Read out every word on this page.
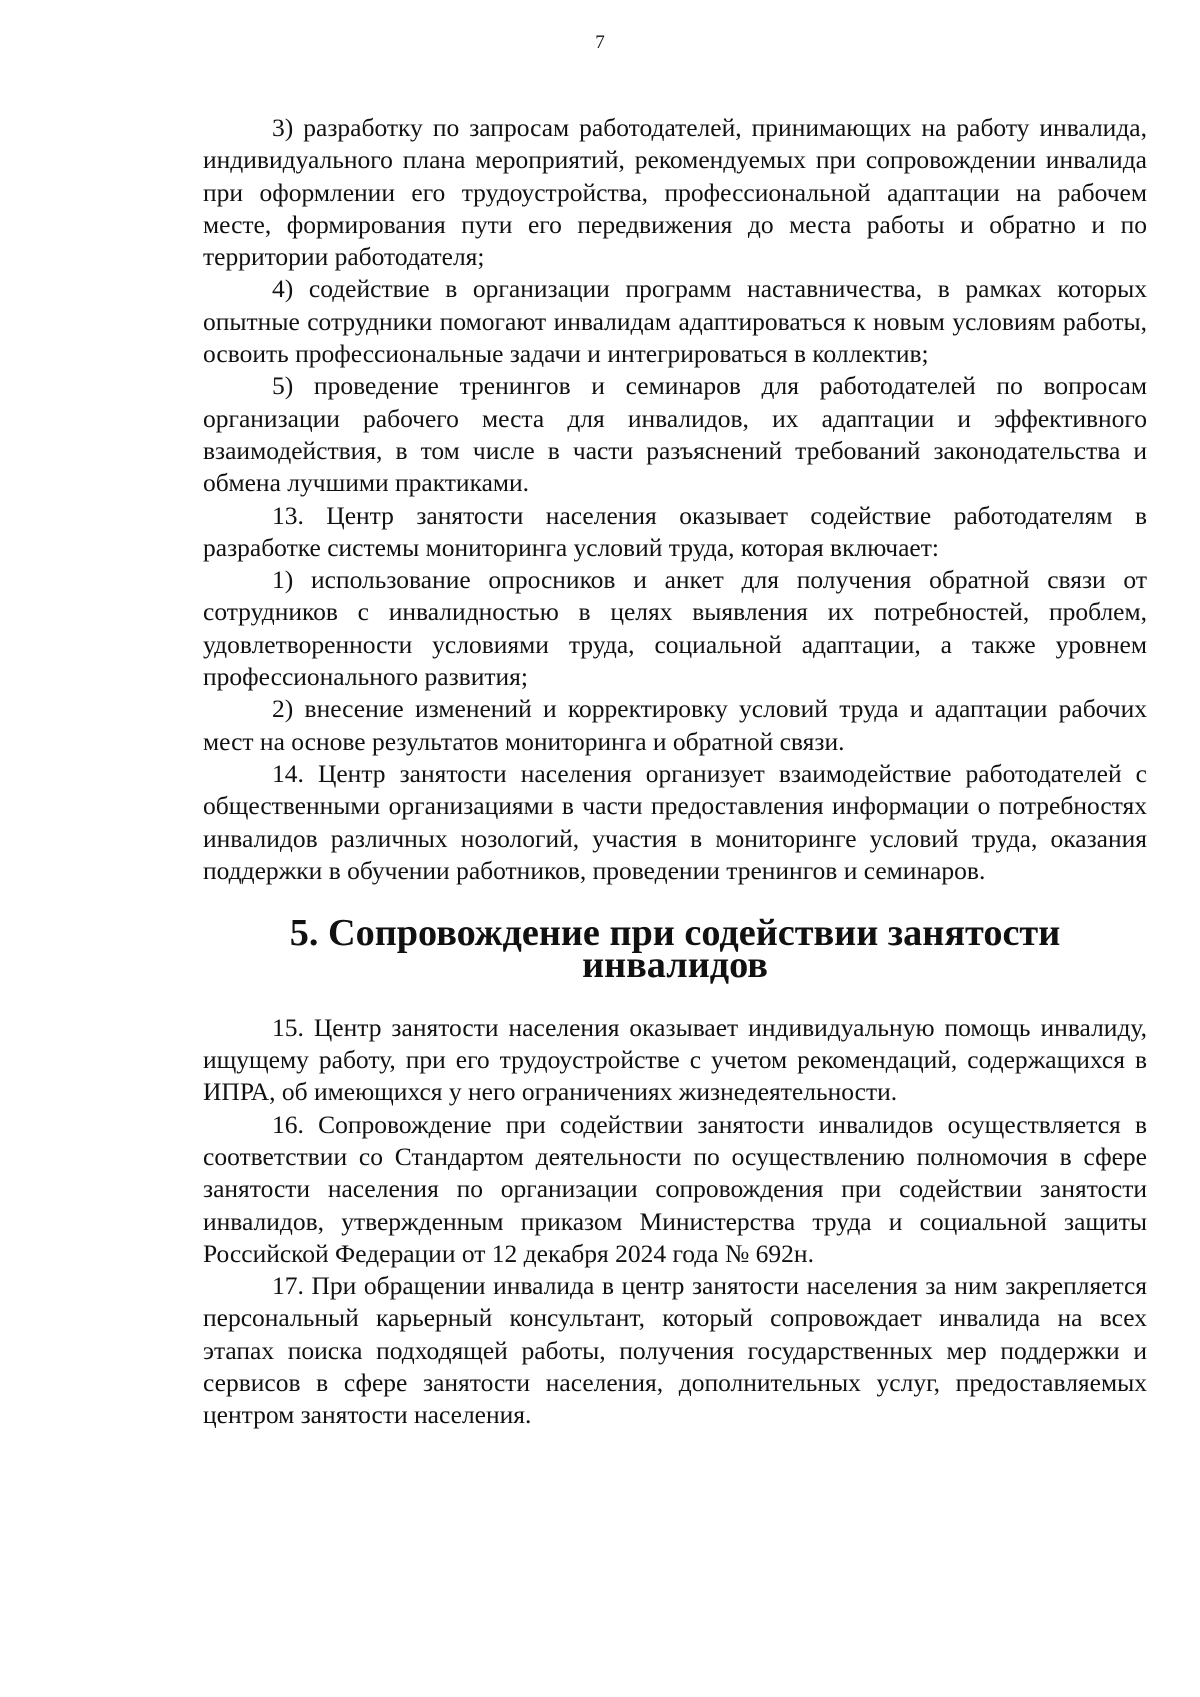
7

3) разработку по запросам работодателей, принимающих на работу инвалида, индивидуального плана мероприятий, рекомендуемых при сопровождении инвалида при оформлении его трудоустройства, профессиональной адаптации на рабочем месте, формирования пути его передвижения до места работы и обратно и по территории работодателя;

4) содействие в организации программ наставничества, в рамках которых опытные сотрудники помогают инвалидам адаптироваться к новым условиям работы, освоить профессиональные задачи и интегрироваться в коллектив;

5) проведение тренингов и семинаров для работодателей по вопросам организации рабочего места для инвалидов, их адаптации и эффективного взаимодействия, в том числе в части разъяснений требований законодательства и обмена лучшими практиками.

13. Центр занятости населения оказывает содействие работодателям в разработке системы мониторинга условий труда, которая включает:

1) использование опросников и анкет для получения обратной связи от сотрудников с инвалидностью в целях выявления их потребностей, проблем, удовлетворенности условиями труда, социальной адаптации, а также уровнем профессионального развития;

2) внесение изменений и корректировку условий труда и адаптации рабочих мест на основе результатов мониторинга и обратной связи.

14. Центр занятости населения организует взаимодействие работодателей с общественными организациями в части предоставления информации о потребностях инвалидов различных нозологий, участия в мониторинге условий труда, оказания поддержки в обучении работников, проведении тренингов и семинаров.

5. Сопровождение при содействии занятости инвалидов

15. Центр занятости населения оказывает индивидуальную помощь инвалиду, ищущему работу, при его трудоустройстве с учетом рекомендаций, содержащихся в ИПРА, об имеющихся у него ограничениях жизнедеятельности.

16. Сопровождение при содействии занятости инвалидов осуществляется в соответствии со Стандартом деятельности по осуществлению полномочия в сфере занятости населения по организации сопровождения при содействии занятости инвалидов, утвержденным приказом Министерства труда и социальной защиты Российской Федерации от 12 декабря 2024 года № 692н.

17. При обращении инвалида в центр занятости населения за ним закрепляется персональный карьерный консультант, который сопровождает инвалида на всех этапах поиска подходящей работы, получения государственных мер поддержки и сервисов в сфере занятости населения, дополнительных услуг, предоставляемых центром занятости населения.
